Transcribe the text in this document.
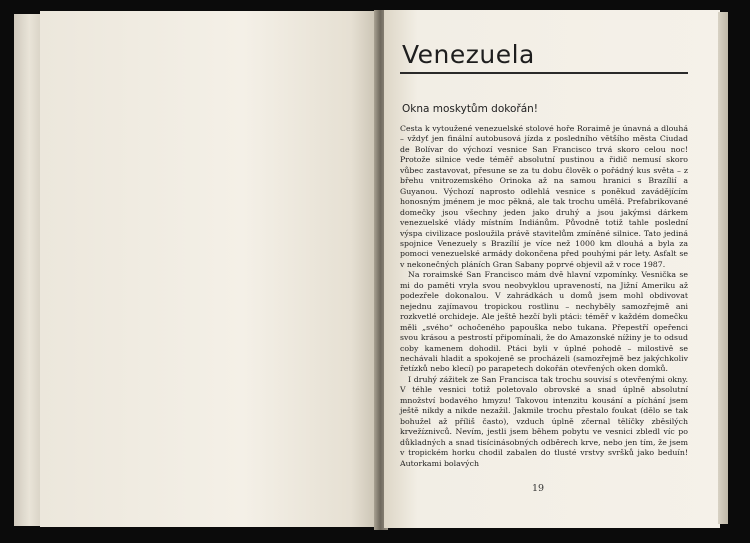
Venezuela
Okna moskytům dokořán!

Cesta k vytoužené venezuelské stolové hoře Roraimě je únavná a dlouhá – vždyť jen finální autobusová jízda z posledního většího města Ciudad de Bolívar do výchozí vesnice San Francisco trvá skoro celou noc! Protože silnice vede téměř absolutní pustinou a řidič nemusí skoro vůbec zastavovat, přesune se za tu dobu člověk o pořádný kus světa – z břehu vnitrozemského Orinoka až na samou hranici s Brazílií a Guyanou. Výchozí naprosto odlehlá vesnice s poněkud zavádějícím honosným jménem je moc pěkná, ale tak trochu umělá. Prefabrikované domečky jsou všechny jeden jako druhý a jsou jakýmsi dárkem venezuelské vlády místním Indiánům. Původně totiž tahle poslední výspa civilizace posloužila právě stavitelům zmíněné silnice. Tato jediná spojnice Venezuely s Brazílií je více než 1000 km dlouhá a byla za pomoci venezuelské armády dokončena před pouhými pár lety. Asfalt se v nekonečných pláních Gran Sabany poprvé objevil až v roce 1987.

Na roraimské San Francisco mám dvě hlavní vzpomínky. Vesnička se mi do paměti vryla svou neobvyklou upraveností, na Jižní Ameriku až podezřele dokonalou. V zahrádkách u domů jsem mohl obdivovat nejednu zajímavou tropickou rostlinu – nechyběly samozřejmě ani rozkvetlé orchideje. Ale ještě hezčí byli ptáci: téměř v každém domečku měli „svého“ ochočeného papouška nebo tukana. Přepestří opeřenci svou krásou a pestrostí připomínali, že do Amazonské nížiny je to odsud coby kamenem dohodil. Ptáci byli v úplné pohodě – milostivě se nechávali hladit a spokojeně se procházeli (samozřejmě bez jakýchkoliv řetízků nebo klecí) po parapetech dokořán otevřených oken domků.

I druhý zážitek ze San Francisca tak trochu souvisí s otevřenými okny. V téhle vesnici totiž poletovalo obrovské a snad úplně absolutní množství bodavého hmyzu! Takovou intenzitu kousání a píchání jsem ještě nikdy a nikde nezažil. Jakmile trochu přestalo foukat (dělo se tak bohužel až příliš často), vzduch úplně zčernal tělíčky zběsilých krvežíznivců. Nevím, jestli jsem během pobytu ve vesnici zbledl víc po důkladných a snad tisícinásobných odběrech krve, nebo jen tím, že jsem v tropickém horku chodil zabalen do tlusté vrstvy svršků jako beduín! Autorkami bolavých

19
